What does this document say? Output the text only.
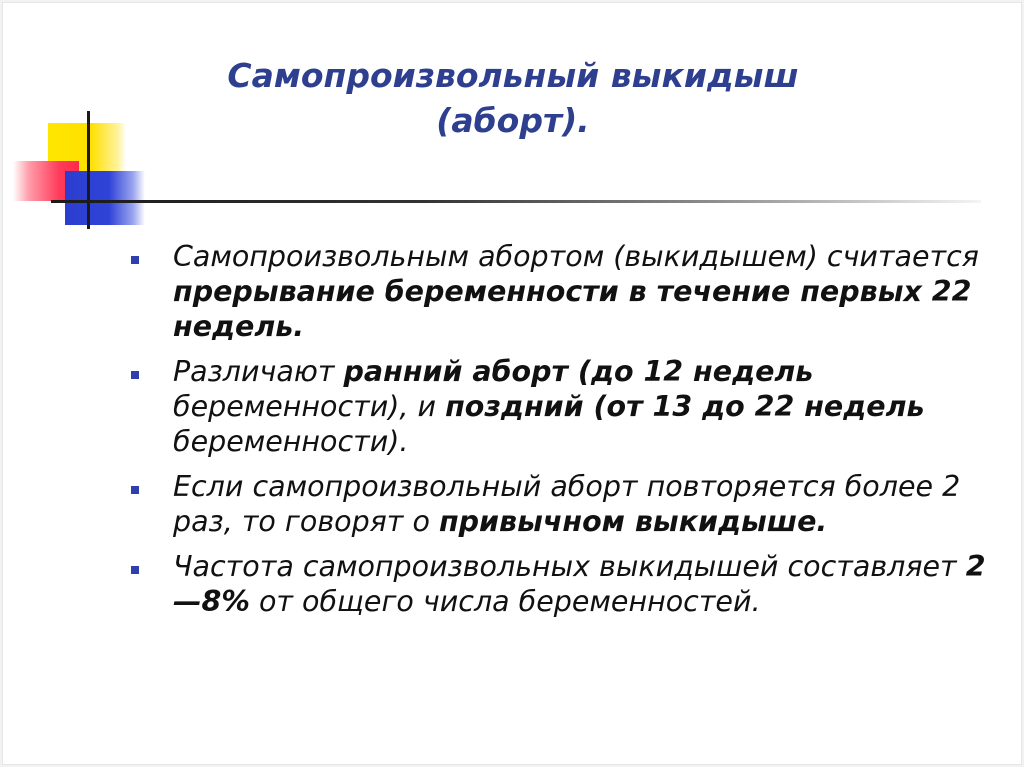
Самопроизвольный выкидыш
(аборт).
Самопроизвольным абортом (выкидышем) считается прерывание беременности в течение первых 22 недель.
Различают ранний аборт (до 12 недель беременности), и поздний (от 13 до 22 недель беременности).
Если самопроизвольный аборт повторяется более 2 раз, то говорят о привычном выкидыше.
Частота самопроизвольных выкидышей составляет 2—8% от общего числа беременностей.
